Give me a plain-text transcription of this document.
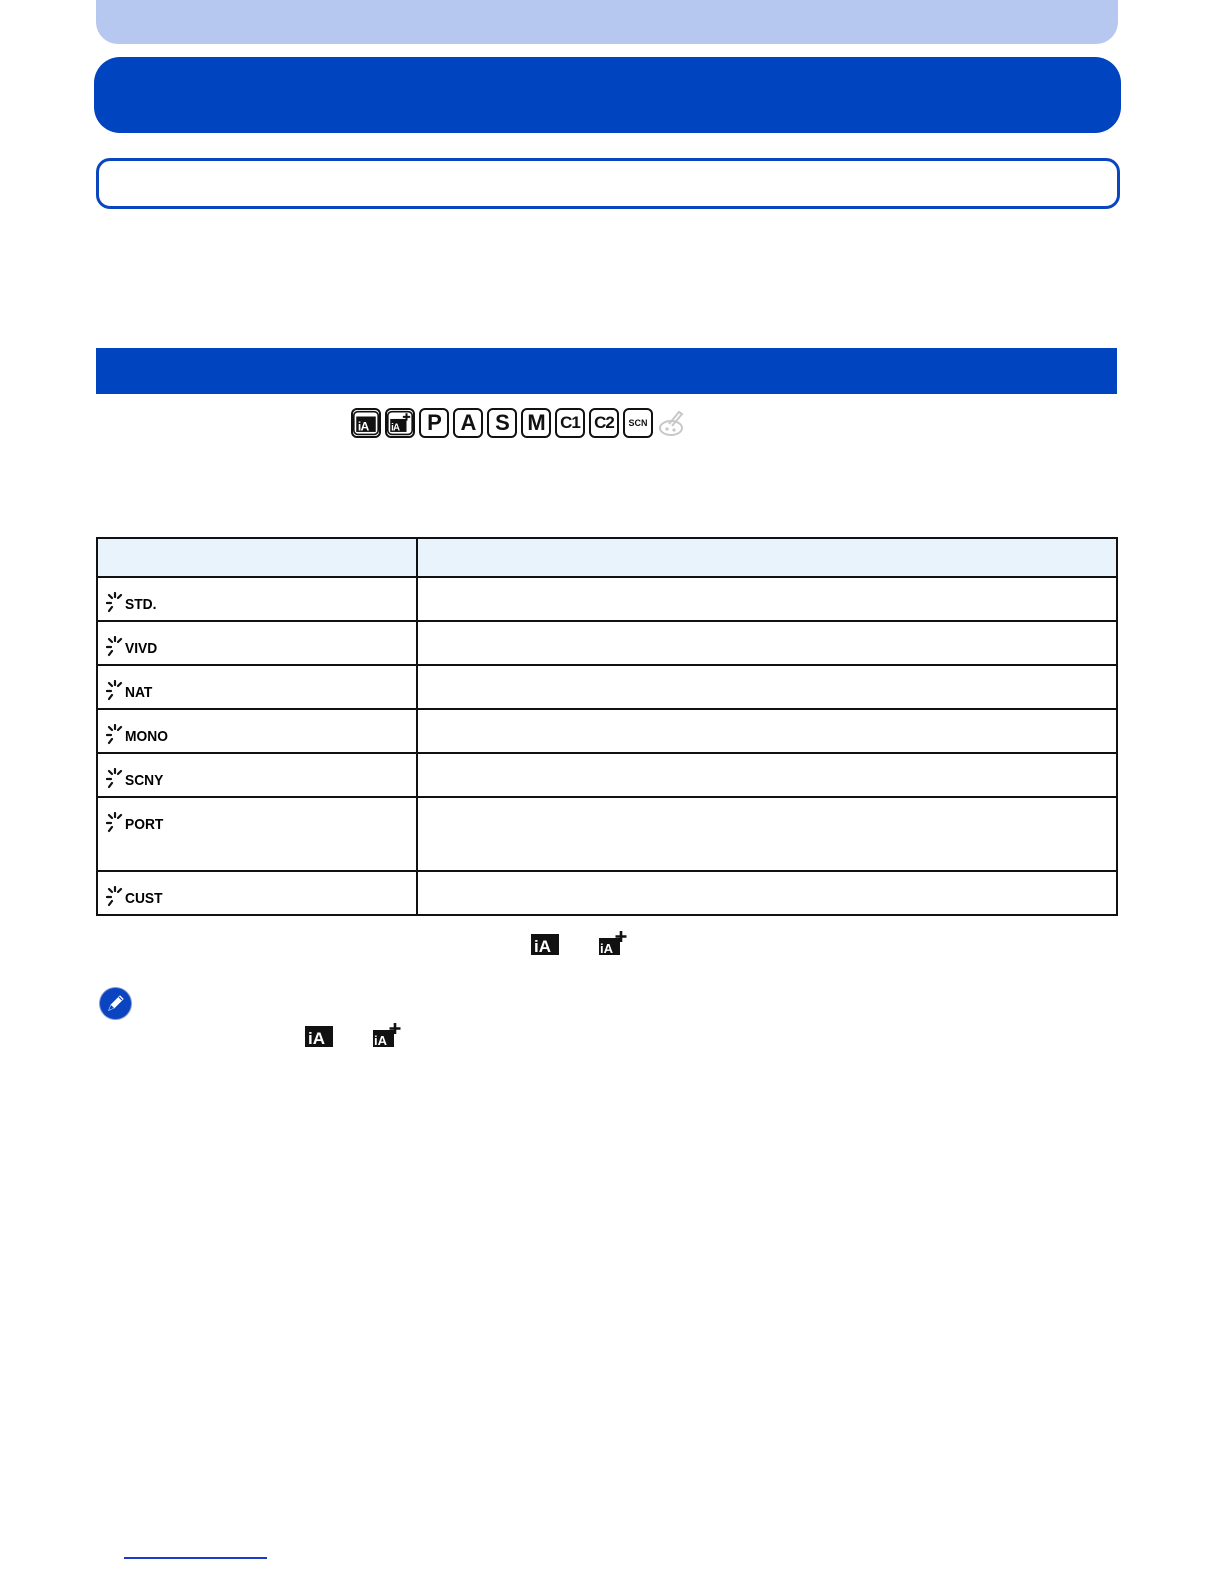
iA iA	P A S M C1 C2	SCN

STD.	

VIVD	

NAT	

MONO	

SCNY	

PORT	

CUST	

iA	iA
iA	iA
